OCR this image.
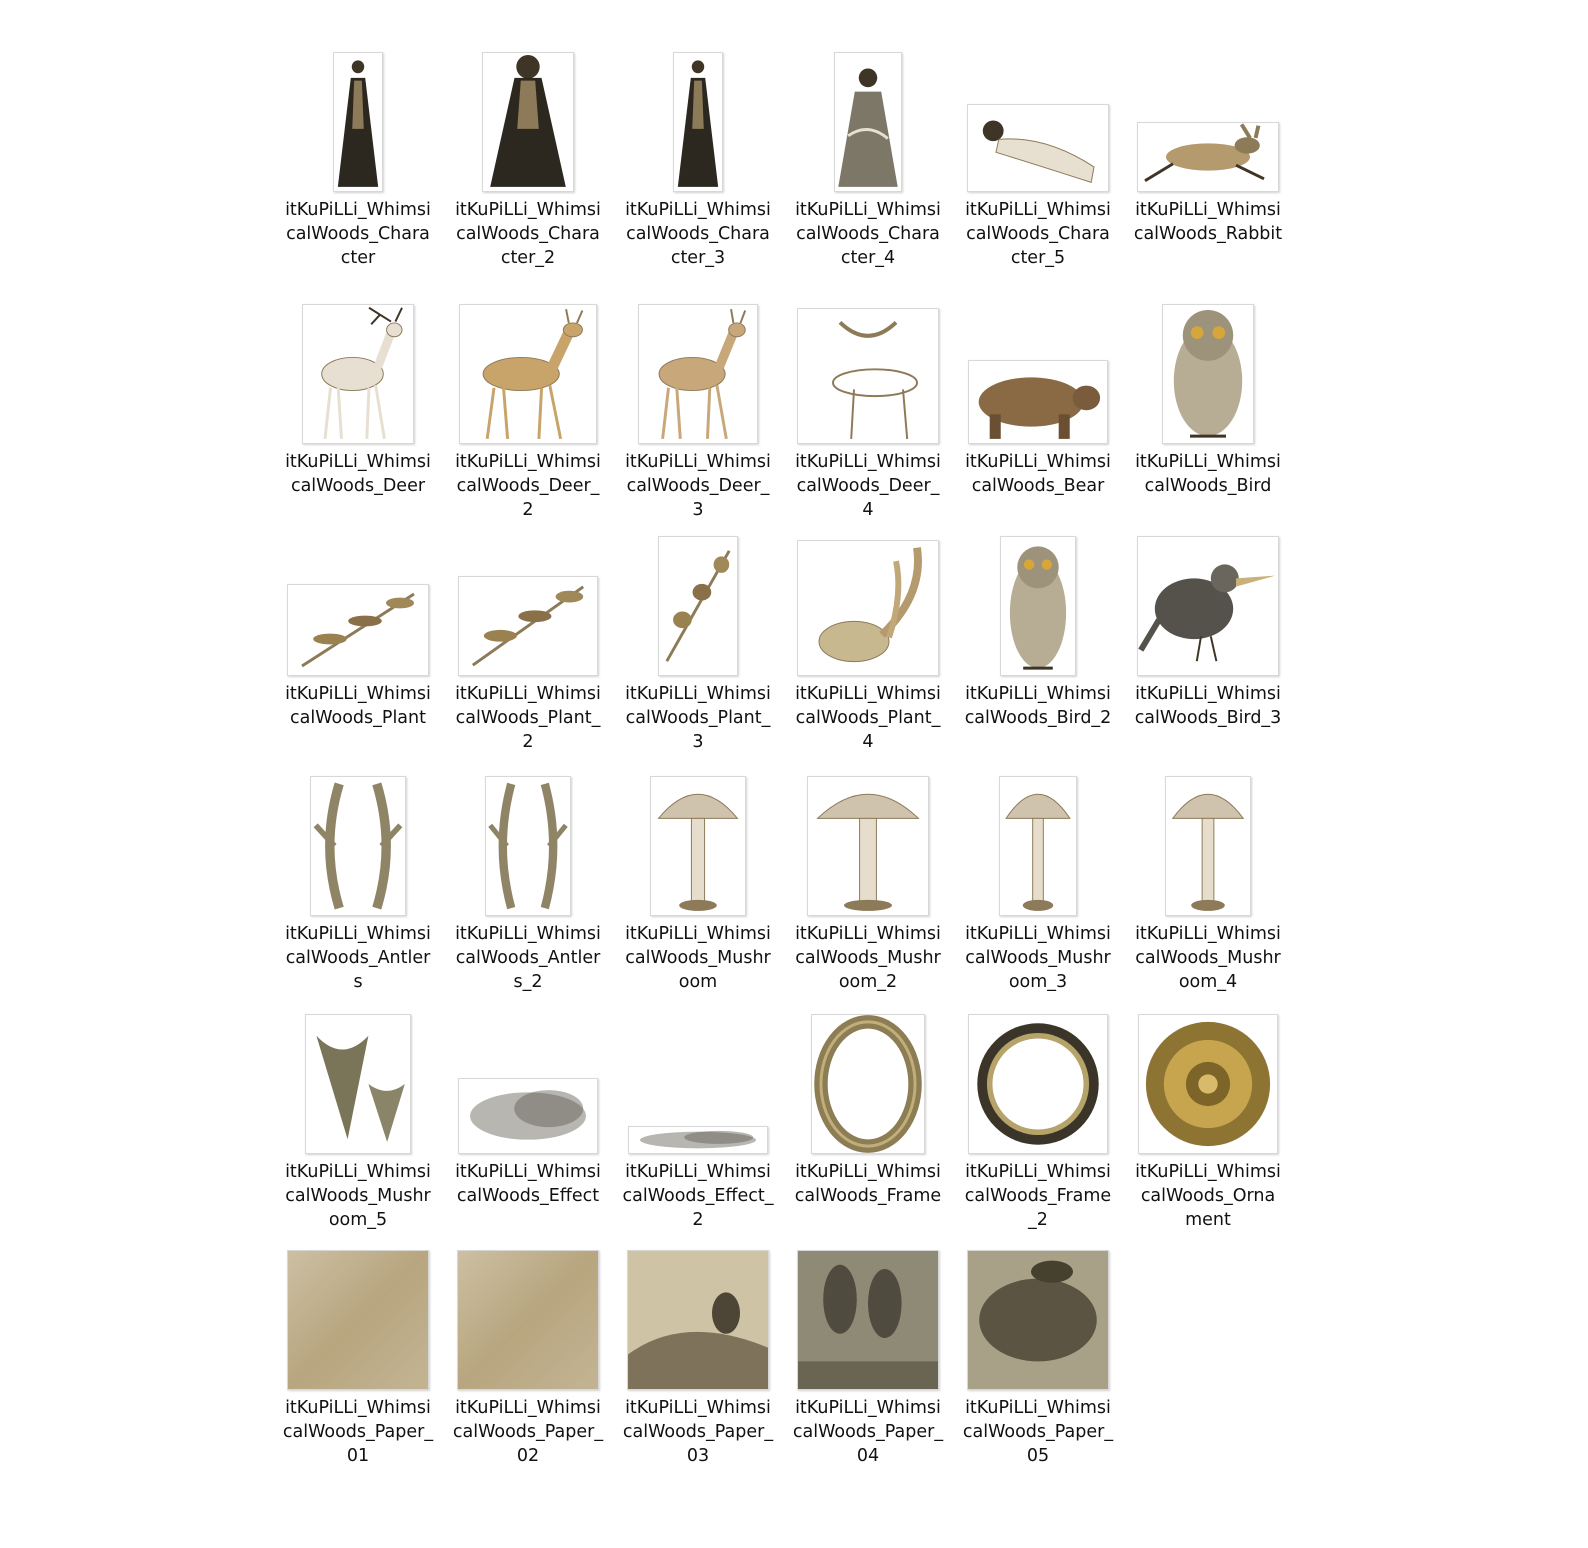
itKuPiLLi_Whimsi
calWoods_Chara
cter
itKuPiLLi_Whimsi
calWoods_Chara
cter_2
itKuPiLLi_Whimsi
calWoods_Chara
cter_3
itKuPiLLi_Whimsi
calWoods_Chara
cter_4
itKuPiLLi_Whimsi
calWoods_Chara
cter_5
itKuPiLLi_Whimsi
calWoods_Rabbit
itKuPiLLi_Whimsi
calWoods_Deer
itKuPiLLi_Whimsi
calWoods_Deer_2
itKuPiLLi_Whimsi
calWoods_Deer_3
itKuPiLLi_Whimsi
calWoods_Deer_4
itKuPiLLi_Whimsi
calWoods_Bear
itKuPiLLi_Whimsi
calWoods_Bird
itKuPiLLi_Whimsi
calWoods_Plant
itKuPiLLi_Whimsi
calWoods_Plant_
2
itKuPiLLi_Whimsi
calWoods_Plant_
3
itKuPiLLi_Whimsi
calWoods_Plant_
4
itKuPiLLi_Whimsi
calWoods_Bird_2
itKuPiLLi_Whimsi
calWoods_Bird_3
itKuPiLLi_Whimsi
calWoods_Antler
s
itKuPiLLi_Whimsi
calWoods_Antler
s_2
itKuPiLLi_Whimsi
calWoods_Mushr
oom
itKuPiLLi_Whimsi
calWoods_Mushr
oom_2
itKuPiLLi_Whimsi
calWoods_Mushr
oom_3
itKuPiLLi_Whimsi
calWoods_Mushr
oom_4
itKuPiLLi_Whimsi
calWoods_Mushr
oom_5
itKuPiLLi_Whimsi
calWoods_Effect
itKuPiLLi_Whimsi
calWoods_Effect_
2
itKuPiLLi_Whimsi
calWoods_Frame
itKuPiLLi_Whimsi
calWoods_Frame
_2
itKuPiLLi_Whimsi
calWoods_Orna
ment
itKuPiLLi_Whimsi
calWoods_Paper_
01
itKuPiLLi_Whimsi
calWoods_Paper_
02
itKuPiLLi_Whimsi
calWoods_Paper_
03
itKuPiLLi_Whimsi
calWoods_Paper_
04
itKuPiLLi_Whimsi
calWoods_Paper_
05
